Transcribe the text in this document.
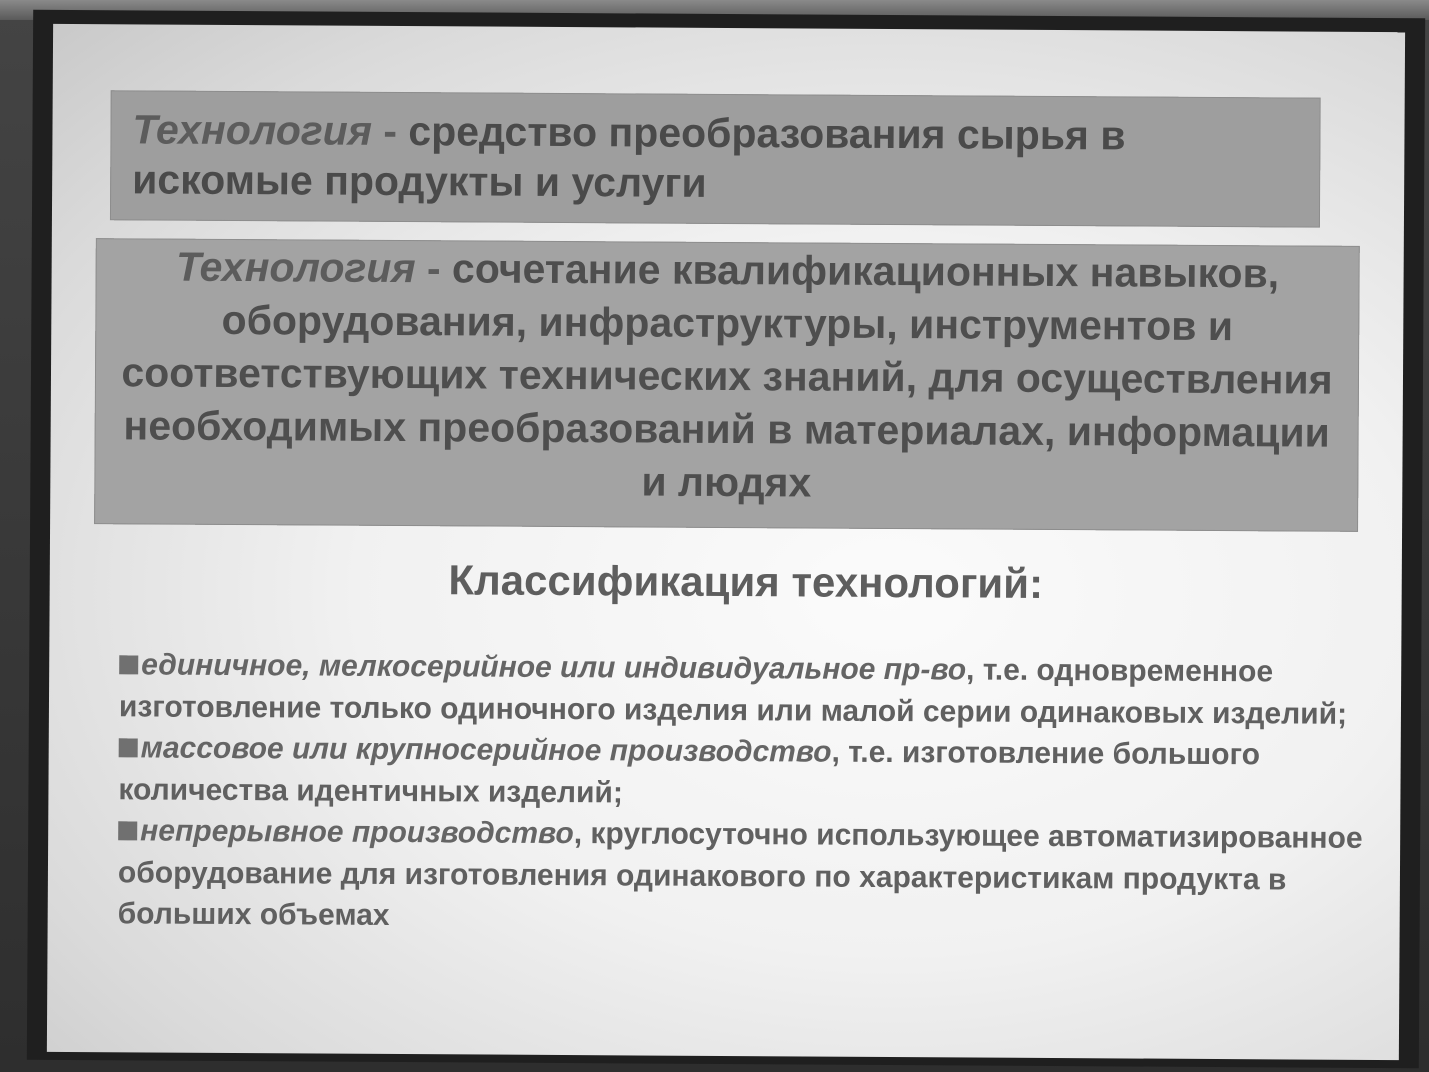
Технология - средство преобразования сырья в искомые продукты и услуги
Технология - сочетание квалификационных навыков, оборудования, инфраструктуры, инструментов и соответствующих технических знаний, для осуществления необходимых преобразований в материалах, информации и людях
Классификация технологий:
единичное, мелкосерийное или индивидуальное пр-во, т.е. одновременное изготовление только одиночного изделия или малой серии одинаковых изделий;
массовое или крупносерийное производство, т.е. изготовление большого количества идентичных изделий;
непрерывное производство, круглосуточно использующее автоматизированное оборудование для изготовления одинакового по характеристикам продукта в больших объемах
